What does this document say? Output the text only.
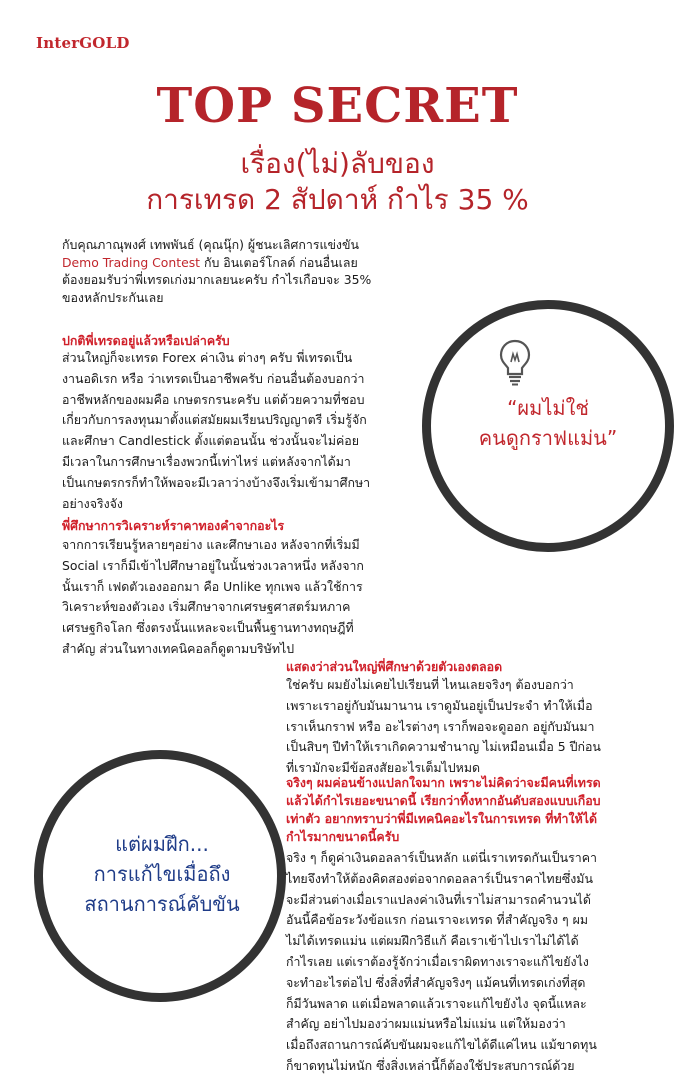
InterGOLD
TOP SECRET
เรื่อง(ไม่)ลับของ
การเทรด 2 สัปดาห์ กำไร 35 %
กับคุณภาณุพงศ์ เทพพันธ์ (คุณนุ๊ก) ผู้ชนะเลิศการแข่งขัน
Demo Trading Contest กับ อินเตอร์โกลด์ ก่อนอื่นเลย
ต้องยอมรับว่าพี่เทรดเก่งมากเลยนะครับ กำไรเกือบจะ 35%
ของหลักประกันเลย
ปกติพี่เทรดอยู่แล้วหรือเปล่าครับ
ส่วนใหญ่ก็จะเทรด Forex ค่าเงิน ต่างๆ ครับ พี่เทรดเป็น
งานอดิเรก หรือ ว่าเทรดเป็นอาชีพครับ ก่อนอื่นต้องบอกว่า
อาชีพหลักของผมคือ เกษตรกรนะครับ แต่ด้วยความที่ชอบ
เกี่ยวกับการลงทุนมาตั้งแต่สมัยผมเรียนปริญญาตรี เริ่มรู้จัก
และศึกษา Candlestick ตั้งแต่ตอนนั้น ช่วงนั้นจะไม่ค่อย
มีเวลาในการศึกษาเรื่องพวกนี้เท่าไหร่ แต่หลังจากได้มา
เป็นเกษตรกรก็ทำให้พอจะมีเวลาว่างบ้างจึงเริ่มเข้ามาศึกษา
อย่างจริงจัง
“ผมไม่ใช่
คนดูกราฟแม่น”
พี่ศึกษาการวิเคราะห์ราคาทองคำจากอะไร
จากการเรียนรู้หลายๆอย่าง และศึกษาเอง หลังจากที่เริ่มมี
Social เราก็มีเข้าไปศึกษาอยู่ในนั้นช่วงเวลาหนึ่ง หลังจาก
นั้นเราก็ เฟดตัวเองออกมา คือ Unlike ทุกเพจ แล้วใช้การ
วิเคราะห์ของตัวเอง เริ่มศึกษาจากเศรษฐศาสตร์มหภาค
เศรษฐกิจโลก ซึ่งตรงนั้นแหละจะเป็นพื้นฐานทางทฤษฎีที่
สำคัญ ส่วนในทางเทคนิคอลก็ดูตามบริษัทไป
แสดงว่าส่วนใหญ่พี่ศึกษาด้วยตัวเองตลอด
ใช่ครับ ผมยังไม่เคยไปเรียนที่ ไหนเลยจริงๆ ต้องบอกว่า
เพราะเราอยู่กับมันมานาน เราดูมันอยู่เป็นประจำ ทำให้เมื่อ
เราเห็นกราฟ หรือ อะไรต่างๆ เราก็พอจะดูออก อยู่กับมันมา
เป็นสิบๆ ปีทำให้เราเกิดความชำนาญ ไม่เหมือนเมื่อ 5 ปีก่อน
ที่เรามักจะมีข้อสงสัยอะไรเต็มไปหมด
แต่ผมฝึก...
การแก้ไขเมื่อถึง
สถานการณ์คับขัน
จริงๆ ผมค่อนข้างแปลกใจมาก เพราะไม่คิดว่าจะมีคนที่เทรด
แล้วได้กำไรเยอะขนาดนี้ เรียกว่าทิ้งหากอันดับสองแบบเกือบ
เท่าตัว อยากทราบว่าพี่มีเทคนิคอะไรในการเทรด ที่ทำให้ได้
กำไรมากขนาดนี้ครับ
จริง ๆ ก็ดูค่าเงินดอลลาร์เป็นหลัก แต่นี่เราเทรดกันเป็นราคา
ไทยจึงทำให้ต้องคิดสองต่อจากดอลลาร์เป็นราคาไทยซึ่งมัน
จะมีส่วนต่างเมื่อเราแปลงค่าเงินที่เราไม่สามารถคำนวนได้
อันนี้คือข้อระวังข้อแรก ก่อนเราจะเทรด ที่สำคัญจริง ๆ ผม
ไม่ได้เทรดแม่น แต่ผมฝึกวิธีแก้ คือเราเข้าไปเราไม่ได้ได้
กำไรเลย แต่เราต้องรู้จักว่าเมื่อเราผิดทางเราจะแก้ไขยังไง
จะทำอะไรต่อไป ซึ่งสิ่งที่สำคัญจริงๆ แม้คนที่เทรดเก่งที่สุด
ก็มีวันพลาด แต่เมื่อพลาดแล้วเราจะแก้ไขยังไง จุดนี้แหละ
สำคัญ อย่าไปมองว่าผมแม่นหรือไม่แม่น แต่ให้มองว่า
เมื่อถึงสถานการณ์คับขันผมจะแก้ไขได้ดีแค่ไหน แม้ขาดทุน
ก็ขาดทุนไม่หนัก ซึ่งสิ่งเหล่านี้ก็ต้องใช้ประสบการณ์ด้วย
